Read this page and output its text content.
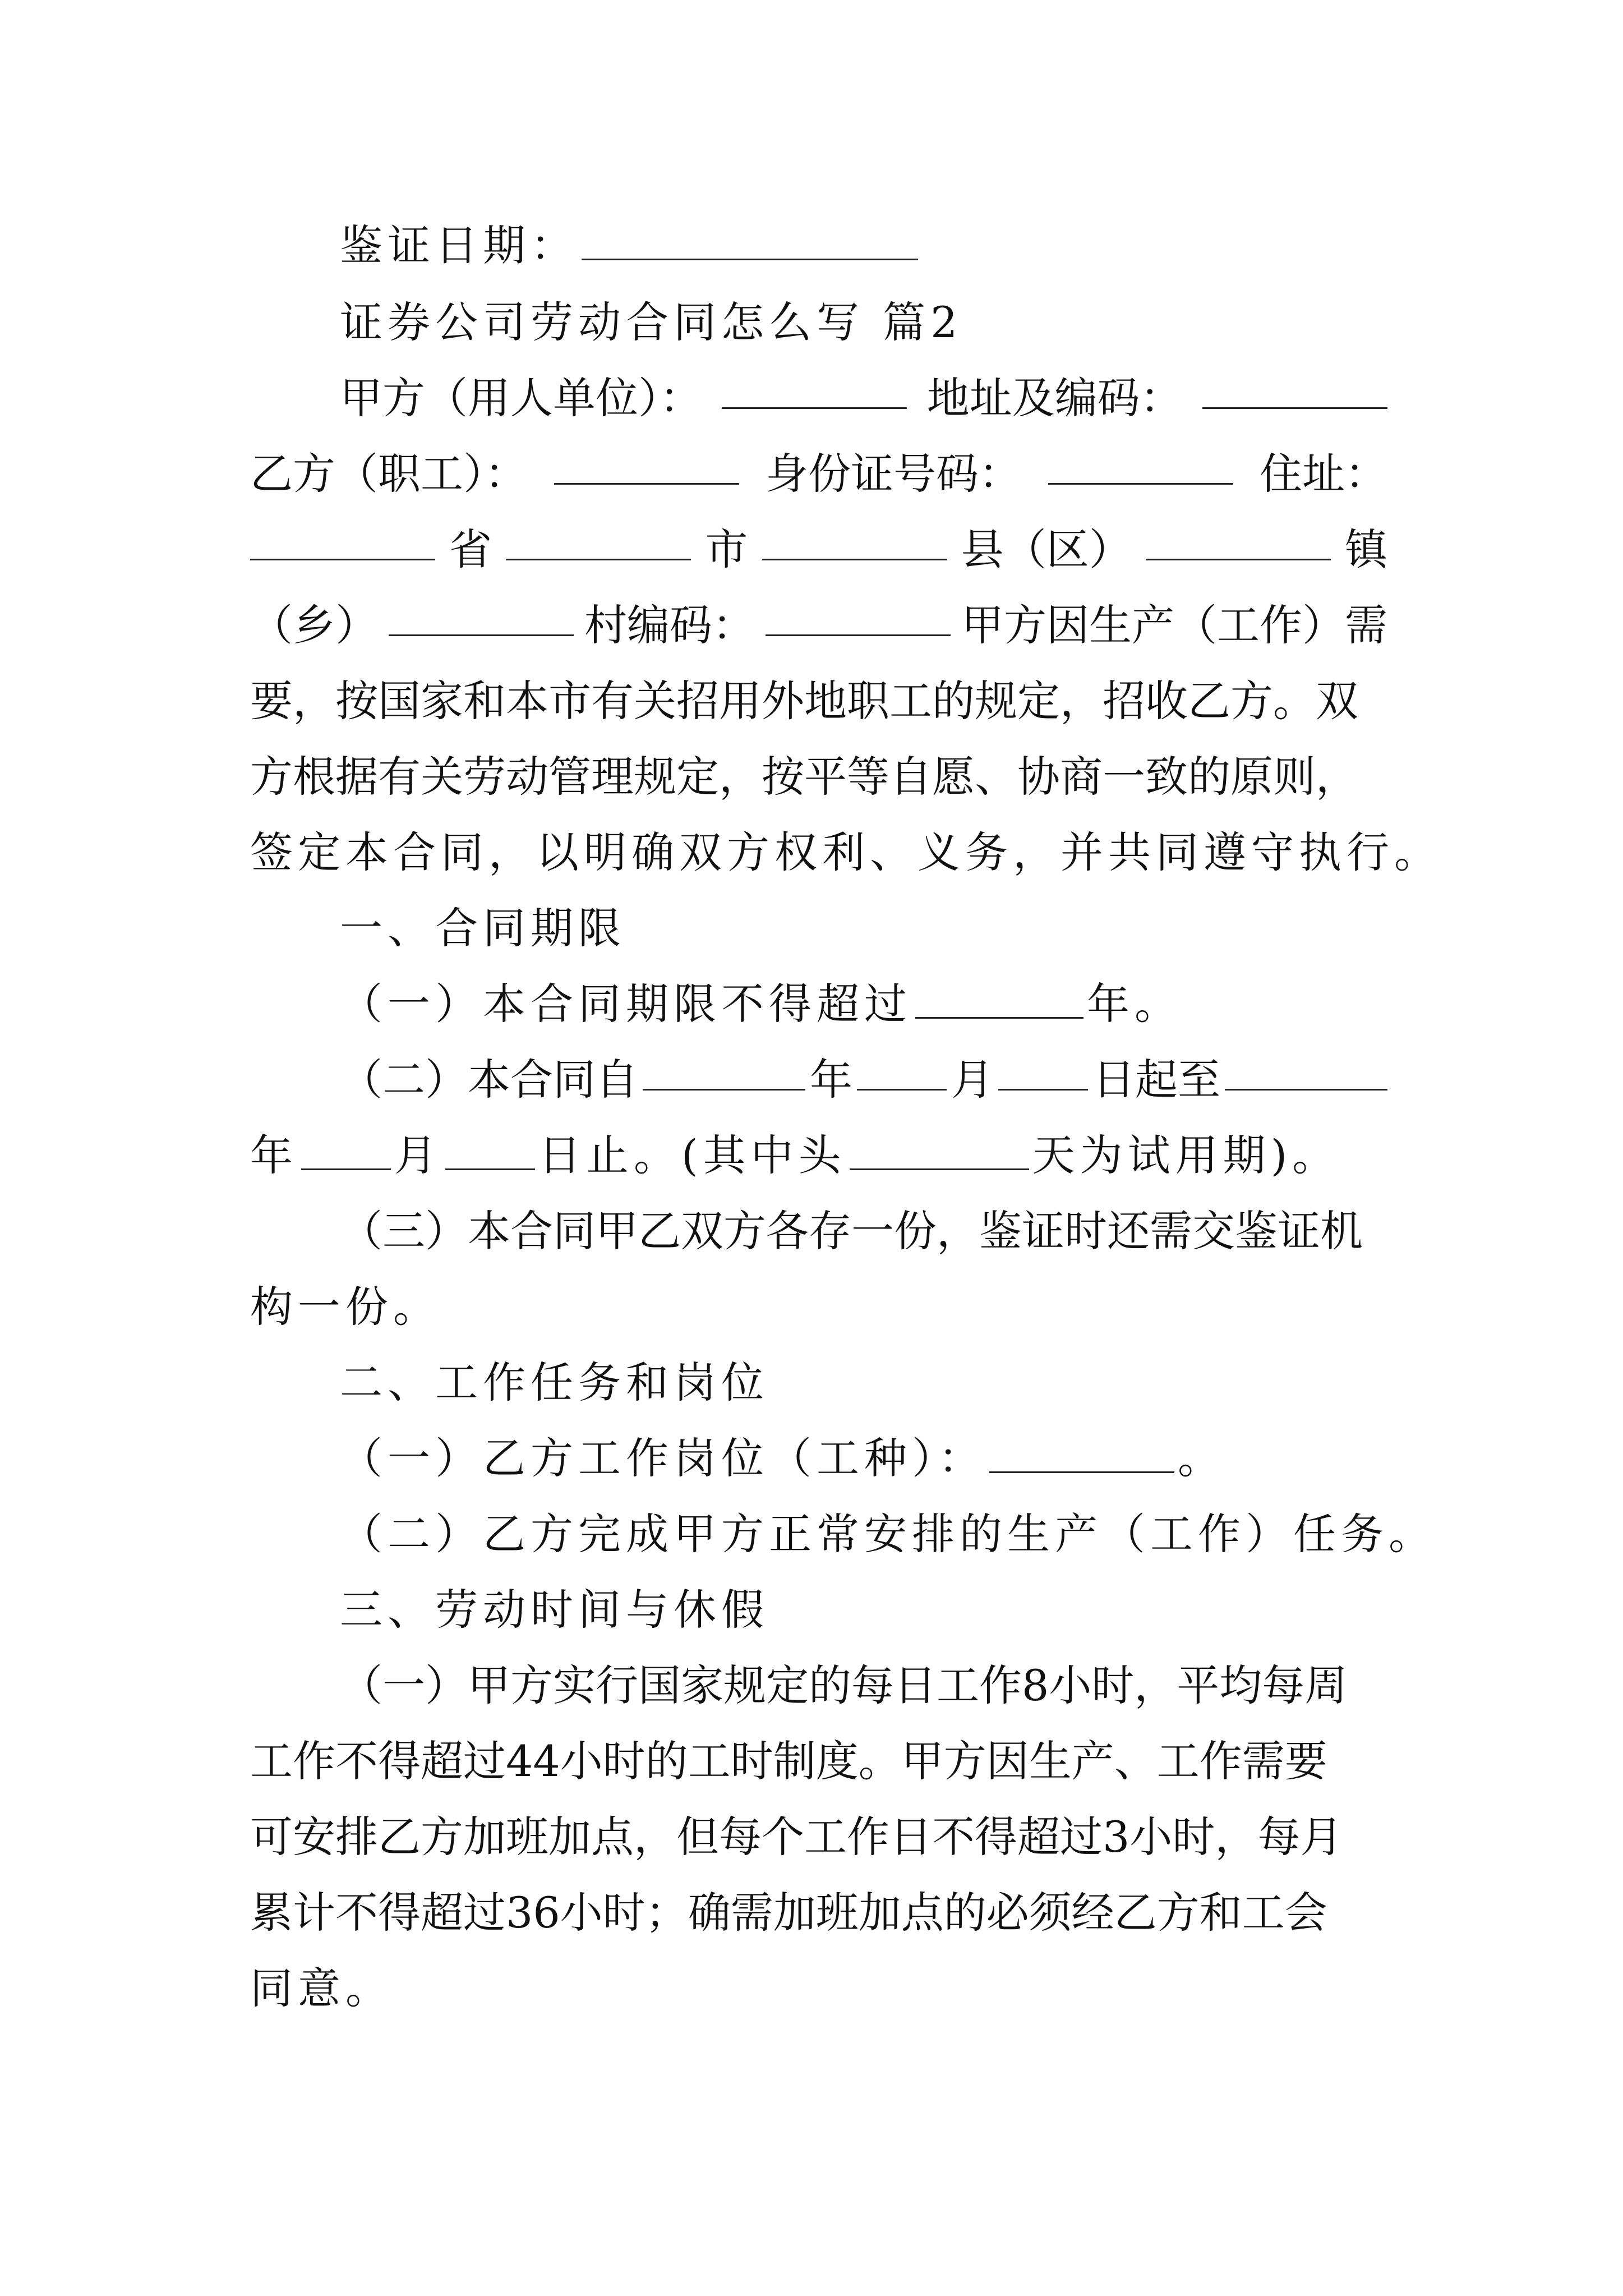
鉴证日期：
证券公司劳动合同怎么写 篇2
甲方（用人单位）：	地址及编码：
乙方（职工）：	身份证号码：	住址：
省	市	县（区）	镇
（乡）	村编码：	甲方因生产（工作）需
要，按国家和本市有关招用外地职工的规定，招收乙方。双
方根据有关劳动管理规定，按平等自愿、协商一致的原则，
签定本合同，以明确双方权利、义务，并共同遵守执行。
一、合同期限
（一）本合同期限不得超过	年。
（二）本合同自	年 月 日起至
年 月 日止。(其中头	天为试用期)。
（三）本合同甲乙双方各存一份，鉴证时还需交鉴证机
构一份。
二、工作任务和岗位
（一）乙方工作岗位（工种）：	。
（二）乙方完成甲方正常安排的生产（工作）任务。
三、劳动时间与休假
（一）甲方实行国家规定的每日工作8小时，平均每周
工作不得超过44小时的工时制度。甲方因生产、工作需要
可安排乙方加班加点，但每个工作日不得超过3小时，每月
累计不得超过36小时；确需加班加点的必须经乙方和工会
同意。
